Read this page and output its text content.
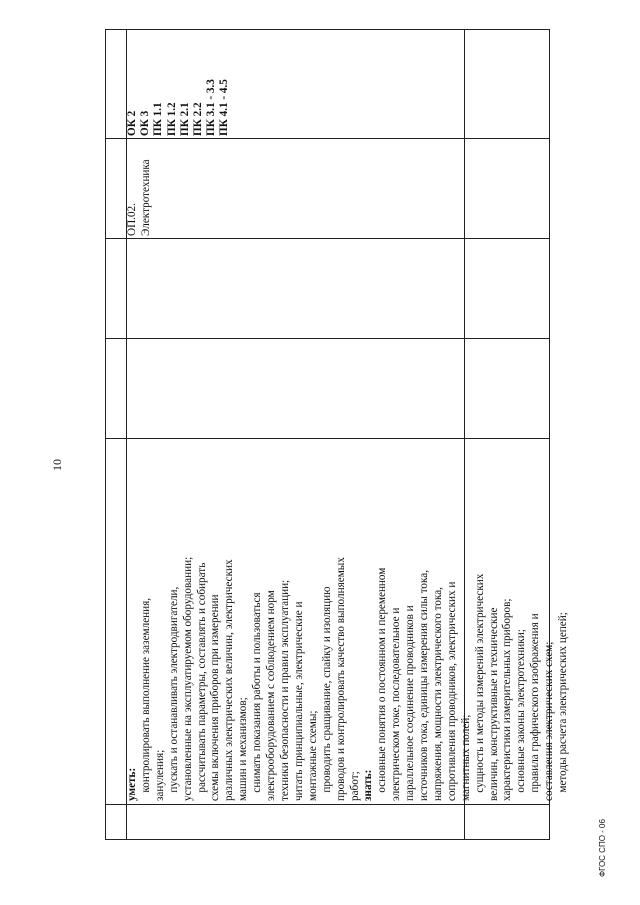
10
уметь: контролировать выполнение заземления, зануления; пускать и останавливать электродвигатели, установленные на эксплуатируемом оборудовании; рассчитывать параметры, составлять и собирать схемы включения приборов при измерении различных электрических величин, электрических машин и механизмов; снимать показания работы и пользоваться электрооборудованием с соблюдением норм техники безопасности и правил эксплуатации; читать принципиальные, электрические и монтажные схемы; проводить сращивание, спайку и изоляцию проводов и контролировать качество выполняемых работ; знать: основные понятия о постоянном и переменном электрическом токе, последовательное и параллельное соединение проводников и источников тока, единицы измерения силы тока, напряжения, мощности электрического тока, сопротивления проводников, электрических и магнитных полей; сущность и методы измерений электрических величин, конструктивные и технические характеристики измерительных приборов; основные законы электротехники; правила графического изображения и составления электрических схем; методы расчета электрических цепей;
ОП.02. Электротехника
ОК 2 ОК 3 ПК 1.1 ПК 1.2 ПК 2.1 ПК 2.2 ПК 3.1 - 3.3 ПК 4.1 - 4.5
ФГОС СПО - 06
